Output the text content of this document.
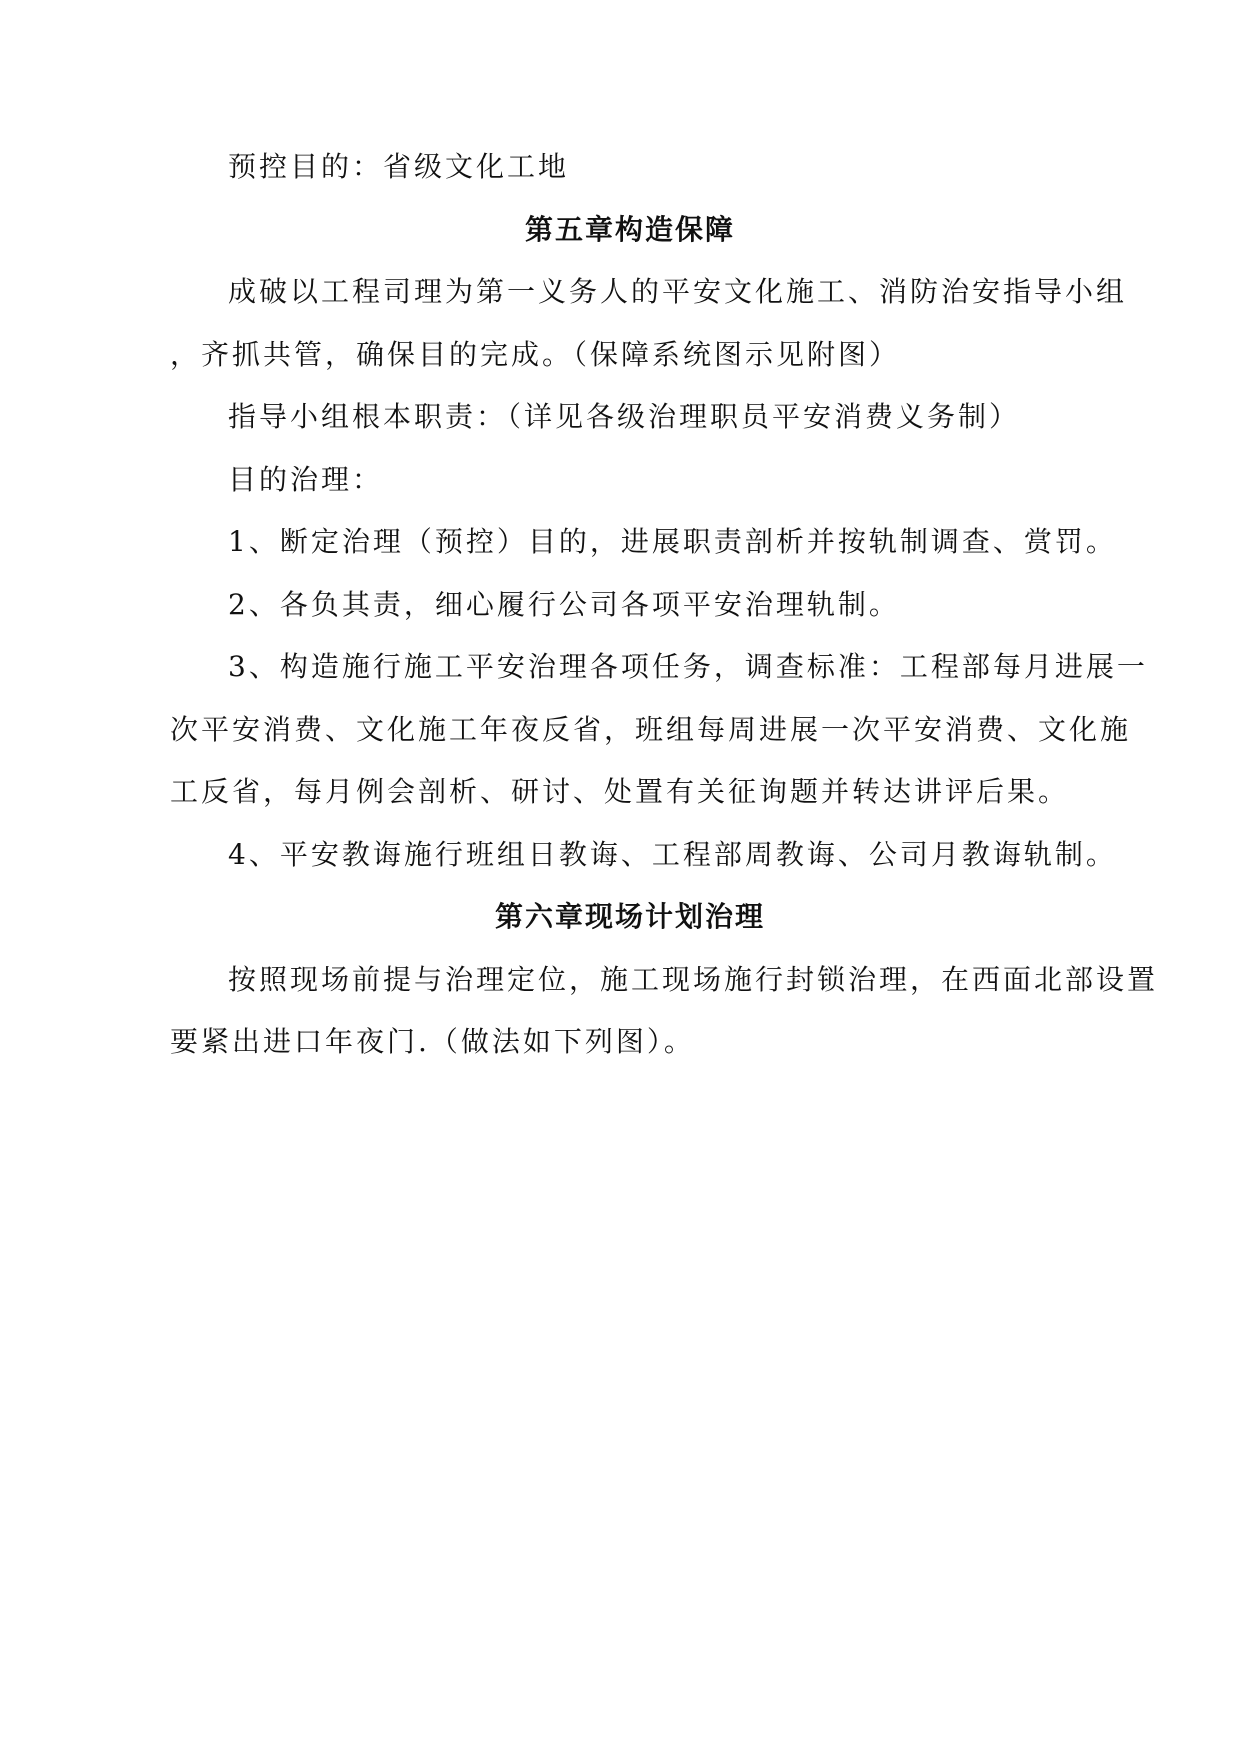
预控目的：省级文化工地
第五章构造保障
成破以工程司理为第一义务人的平安文化施工、消防治安指导小组
，齐抓共管，确保目的完成。（保障系统图示见附图）
指导小组根本职责：（详见各级治理职员平安消费义务制）
目的治理：
1、断定治理（预控）目的，进展职责剖析并按轨制调查、赏罚。
2、各负其责，细心履行公司各项平安治理轨制。
3、构造施行施工平安治理各项任务，调查标准：工程部每月进展一
次平安消费、文化施工年夜反省，班组每周进展一次平安消费、文化施
工反省，每月例会剖析、研讨、处置有关征询题并转达讲评后果。
4、平安教诲施行班组日教诲、工程部周教诲、公司月教诲轨制。
第六章现场计划治理
按照现场前提与治理定位，施工现场施行封锁治理，在西面北部设置
要紧出进口年夜门.（做法如下列图）。
